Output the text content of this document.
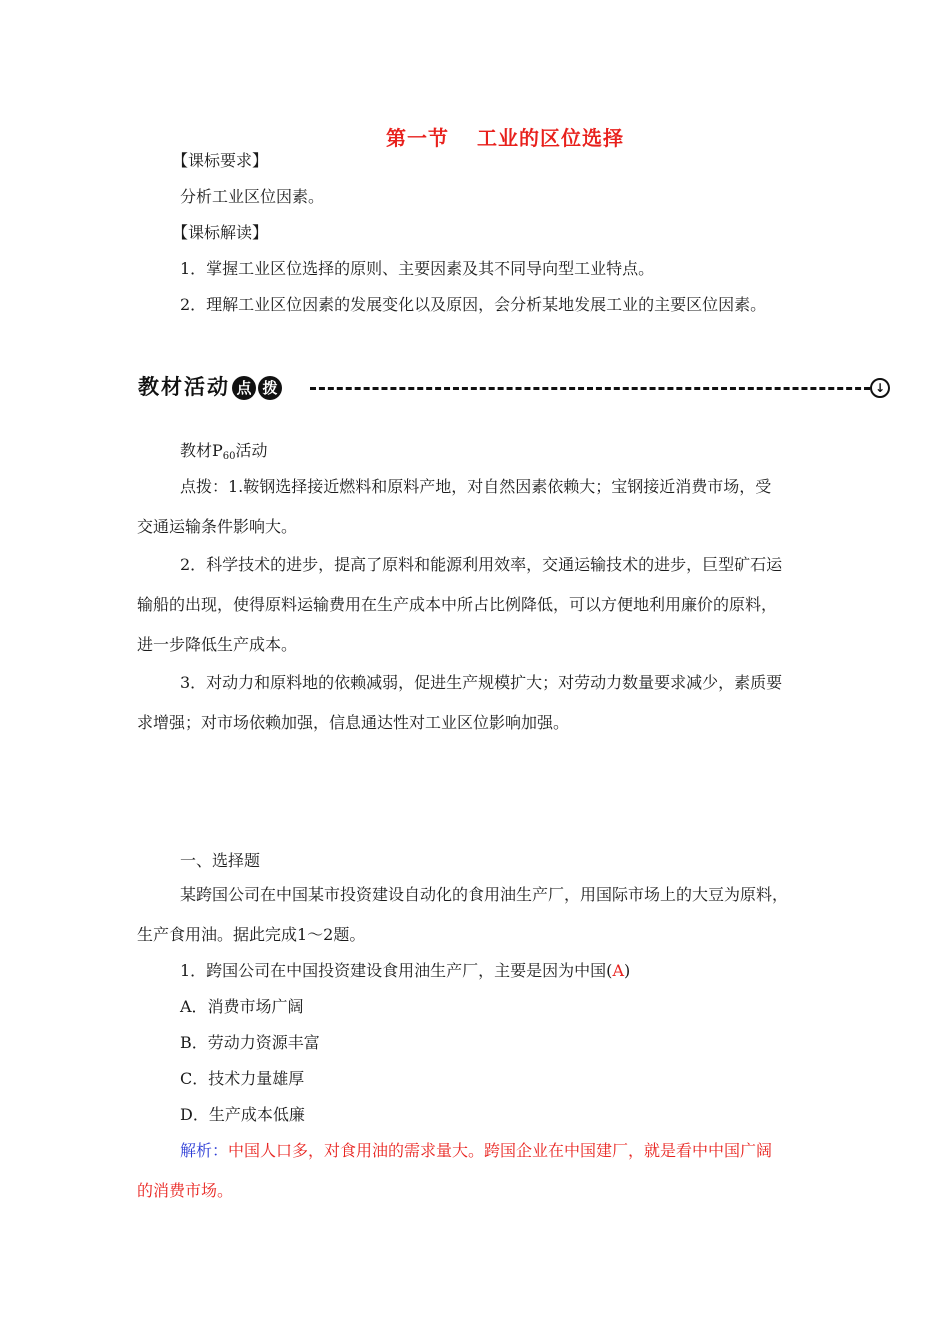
第一节 工业的区位选择
【课标要求】
分析工业区位因素。
【课标解读】
1．掌握工业区位选择的原则、主要因素及其不同导向型工业特点。
2．理解工业区位因素的发展变化以及原因，会分析某地发展工业的主要区位因素。
教材活动 点 拨	↓
教材$P_{60}$活动
点拨：1.鞍钢选择接近燃料和原料产地，对自然因素依赖大；宝钢接近消费市场，受
交通运输条件影响大。
2．科学技术的进步，提高了原料和能源利用效率，交通运输技术的进步，巨型矿石运
输船的出现，使得原料运输费用在生产成本中所占比例降低，可以方便地利用廉价的原料，
进一步降低生产成本。
3．对动力和原料地的依赖减弱，促进生产规模扩大；对劳动力数量要求减少，素质要
求增强；对市场依赖加强，信息通达性对工业区位影响加强。
一、选择题
某跨国公司在中国某市投资建设自动化的食用油生产厂，用国际市场上的大豆为原料，
生产食用油。据此完成1～2题。
1．跨国公司在中国投资建设食用油生产厂，主要是因为中国(A)
A．消费市场广阔
B．劳动力资源丰富
C．技术力量雄厚
D．生产成本低廉
解析：中国人口多，对食用油的需求量大。跨国企业在中国建厂，就是看中中国广阔
的消费市场。
